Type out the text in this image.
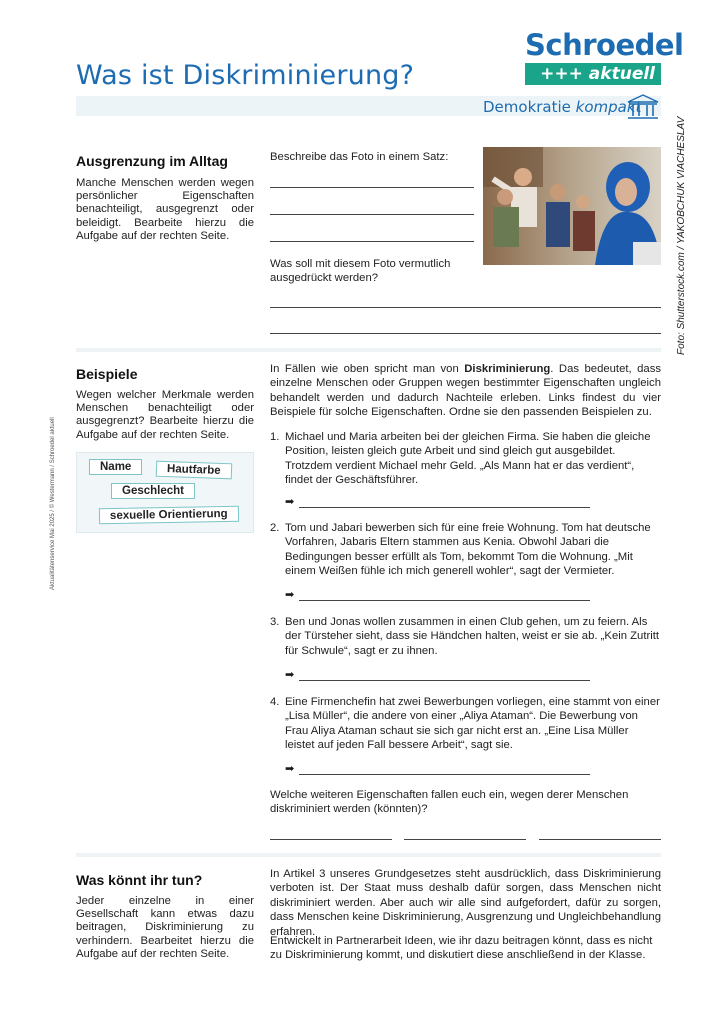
Was ist Diskriminierung?
Schroedel
+++ aktuell
Demokratie kompakt
Aktualitätenservice Mai 2025 / © Westermann / Schroedel aktuell
Foto: Shutterstock.com / YAKOBCHUK VIACHESLAV
Ausgrenzung im Alltag
Manche Menschen werden wegen persönlicher Eigenschaften benachteiligt, ausgegrenzt oder beleidigt. Bearbeite hierzu die Aufgabe auf der rechten Seite.
Beschreibe das Foto in einem Satz:
Was soll mit diesem Foto vermutlich ausgedrückt werden?
Beispiele
Wegen welcher Merkmale werden Menschen benachteiligt oder ausgegrenzt? Bearbeite hierzu die Aufgabe auf der rechten Seite.
Name	Hautfarbe
Geschlecht
sexuelle Orientierung
In Fällen wie oben spricht man von Diskriminierung. Das bedeutet, dass einzelne Menschen oder Gruppen wegen bestimmter Eigenschaften ungleich behandelt werden und dadurch Nachteile erleben. Links findest du vier Beispiele für solche Eigenschaften. Ordne sie den passenden Beispielen zu.
1. Michael und Maria arbeiten bei der gleichen Firma. Sie haben die gleiche Position, leisten gleich gute Arbeit und sind gleich gut ausgebildet. Trotzdem verdient Michael mehr Geld. „Als Mann hat er das verdient“, findet der Geschäftsführer.
➡
2. Tom und Jabari bewerben sich für eine freie Wohnung. Tom hat deutsche Vorfahren, Jabaris Eltern stammen aus Kenia. Obwohl Jabari die Bedingungen besser erfüllt als Tom, bekommt Tom die Wohnung. „Mit einem Weißen fühle ich mich generell wohler“, sagt der Vermieter.
➡
3. Ben und Jonas wollen zusammen in einen Club gehen, um zu feiern. Als der Türsteher sieht, dass sie Händchen halten, weist er sie ab. „Kein Zutritt für Schwule“, sagt er zu ihnen.
➡
4. Eine Firmenchefin hat zwei Bewerbungen vorliegen, eine stammt von einer „Lisa Müller“, die andere von einer „Aliya Ataman“. Die Bewerbung von Frau Aliya Ataman schaut sie sich gar nicht erst an. „Eine Lisa Müller leistet auf jeden Fall bessere Arbeit“, sagt sie.
➡
Welche weiteren Eigenschaften fallen euch ein, wegen derer Menschen diskriminiert werden (könnten)?
Was könnt ihr tun?
Jeder einzelne in einer Gesellschaft kann etwas dazu beitragen, Diskriminierung zu verhindern. Bearbeitet hierzu die Aufgabe auf der rechten Seite.
In Artikel 3 unseres Grundgesetzes steht ausdrücklich, dass Diskriminierung verboten ist. Der Staat muss deshalb dafür sorgen, dass Menschen nicht diskriminiert werden. Aber auch wir alle sind aufgefordert, dafür zu sorgen, dass Menschen keine Diskriminierung, Ausgrenzung und Ungleichbehandlung erfahren.
Entwickelt in Partnerarbeit Ideen, wie ihr dazu beitragen könnt, dass es nicht zu Diskriminierung kommt, und diskutiert diese anschließend in der Klasse.
